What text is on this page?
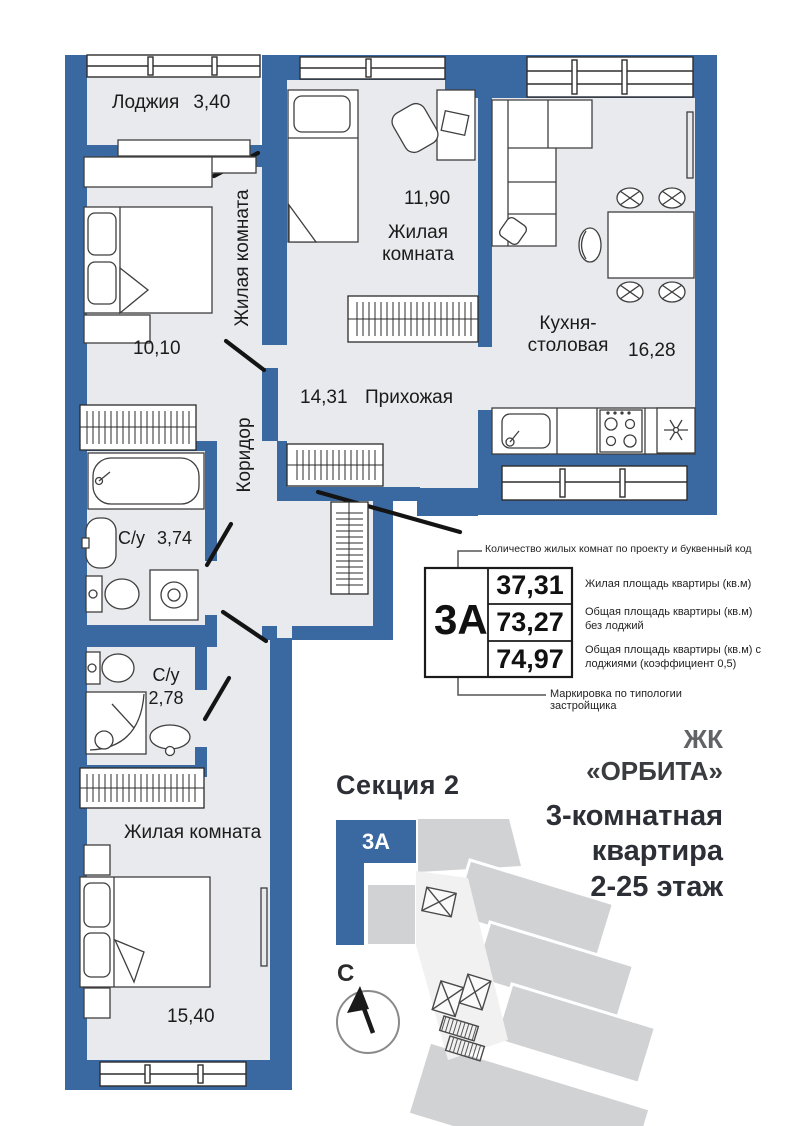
Лоджия 3,40
Жилая комната
10,10
11,90
Жилая комната
Кухня-столовая	16,28
14,31 Прихожая
Коридор
С/у 3,74
С/у
2,78
Жилая комната
15,40
Количество жилых комнат по проекту и буквенный код
3А
37,31
73,27
74,97
Жилая площадь квартиры (кв.м)
Общая площадь квартиры (кв.м) без лоджий
Общая площадь квартиры (кв.м) с лоджиями (коэффициент 0,5)
Маркировка по типологии застройщика
Секция 2
3А
С
ЖК
«ОРБИТА»
3-комнатная
квартира
2-25 этаж
